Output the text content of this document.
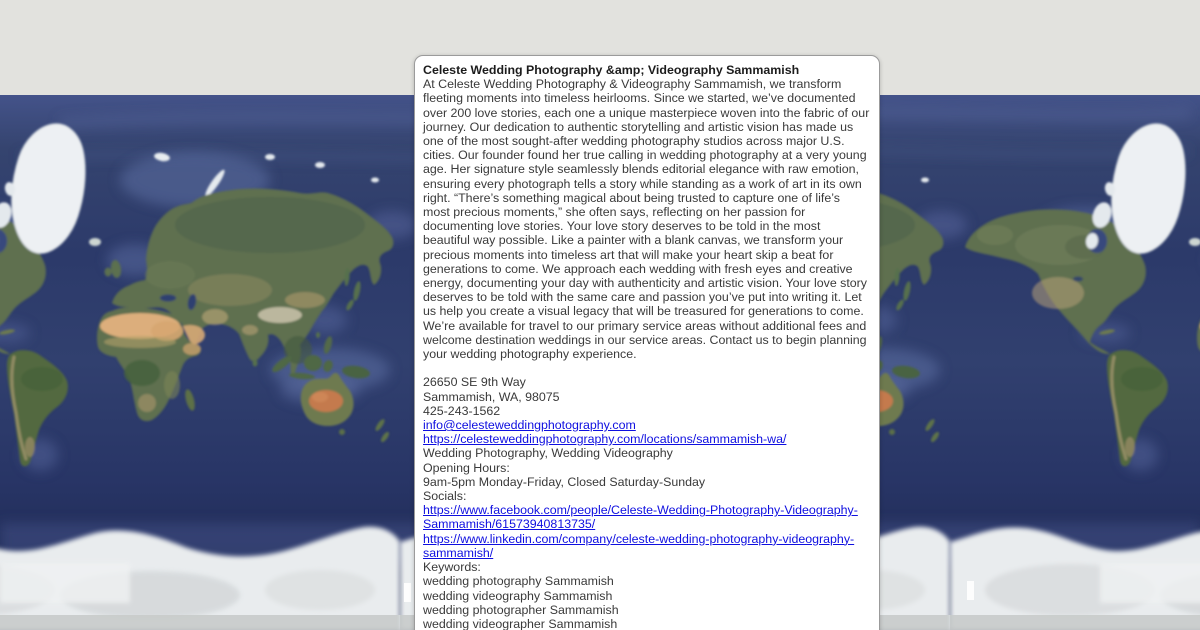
Celeste Wedding Photography &amp; Videography Sammamish
At Celeste Wedding Photography & Videography Sammamish, we transform fleeting moments into timeless heirlooms. Since we started, we’ve documented over 200 love stories, each one a unique masterpiece woven into the fabric of our journey. Our dedication to authentic storytelling and artistic vision has made us one of the most sought-after wedding photography studios across major U.S. cities. Our founder found her true calling in wedding photography at a very young age. Her signature style seamlessly blends editorial elegance with raw emotion, ensuring every photograph tells a story while standing as a work of art in its own right. “There’s something magical about being trusted to capture one of life’s most precious moments,” she often says, reflecting on her passion for documenting love stories. Your love story deserves to be told in the most beautiful way possible. Like a painter with a blank canvas, we transform your precious moments into timeless art that will make your heart skip a beat for generations to come. We approach each wedding with fresh eyes and creative energy, documenting your day with authenticity and artistic vision. Your love story deserves to be told with the same care and passion you’ve put into writing it. Let us help you create a visual legacy that will be treasured for generations to come. We’re available for travel to our primary service areas without additional fees and welcome destination weddings in our service areas. Contact us to begin planning your wedding photography experience.
26650 SE 9th Way
Sammamish, WA, 98075
425-243-1562
info@celesteweddingphotography.com
https://celesteweddingphotography.com/locations/sammamish-wa/
Wedding Photography, Wedding Videography
Opening Hours:
9am-5pm Monday-Friday, Closed Saturday-Sunday
Socials:
https://www.facebook.com/people/Celeste-Wedding-Photography-Videography-Sammamish/61573940813735/
https://www.linkedin.com/company/celeste-wedding-photography-videography-sammamish/
Keywords:
wedding photography Sammamish
wedding videography Sammamish
wedding photographer Sammamish
wedding videographer Sammamish
